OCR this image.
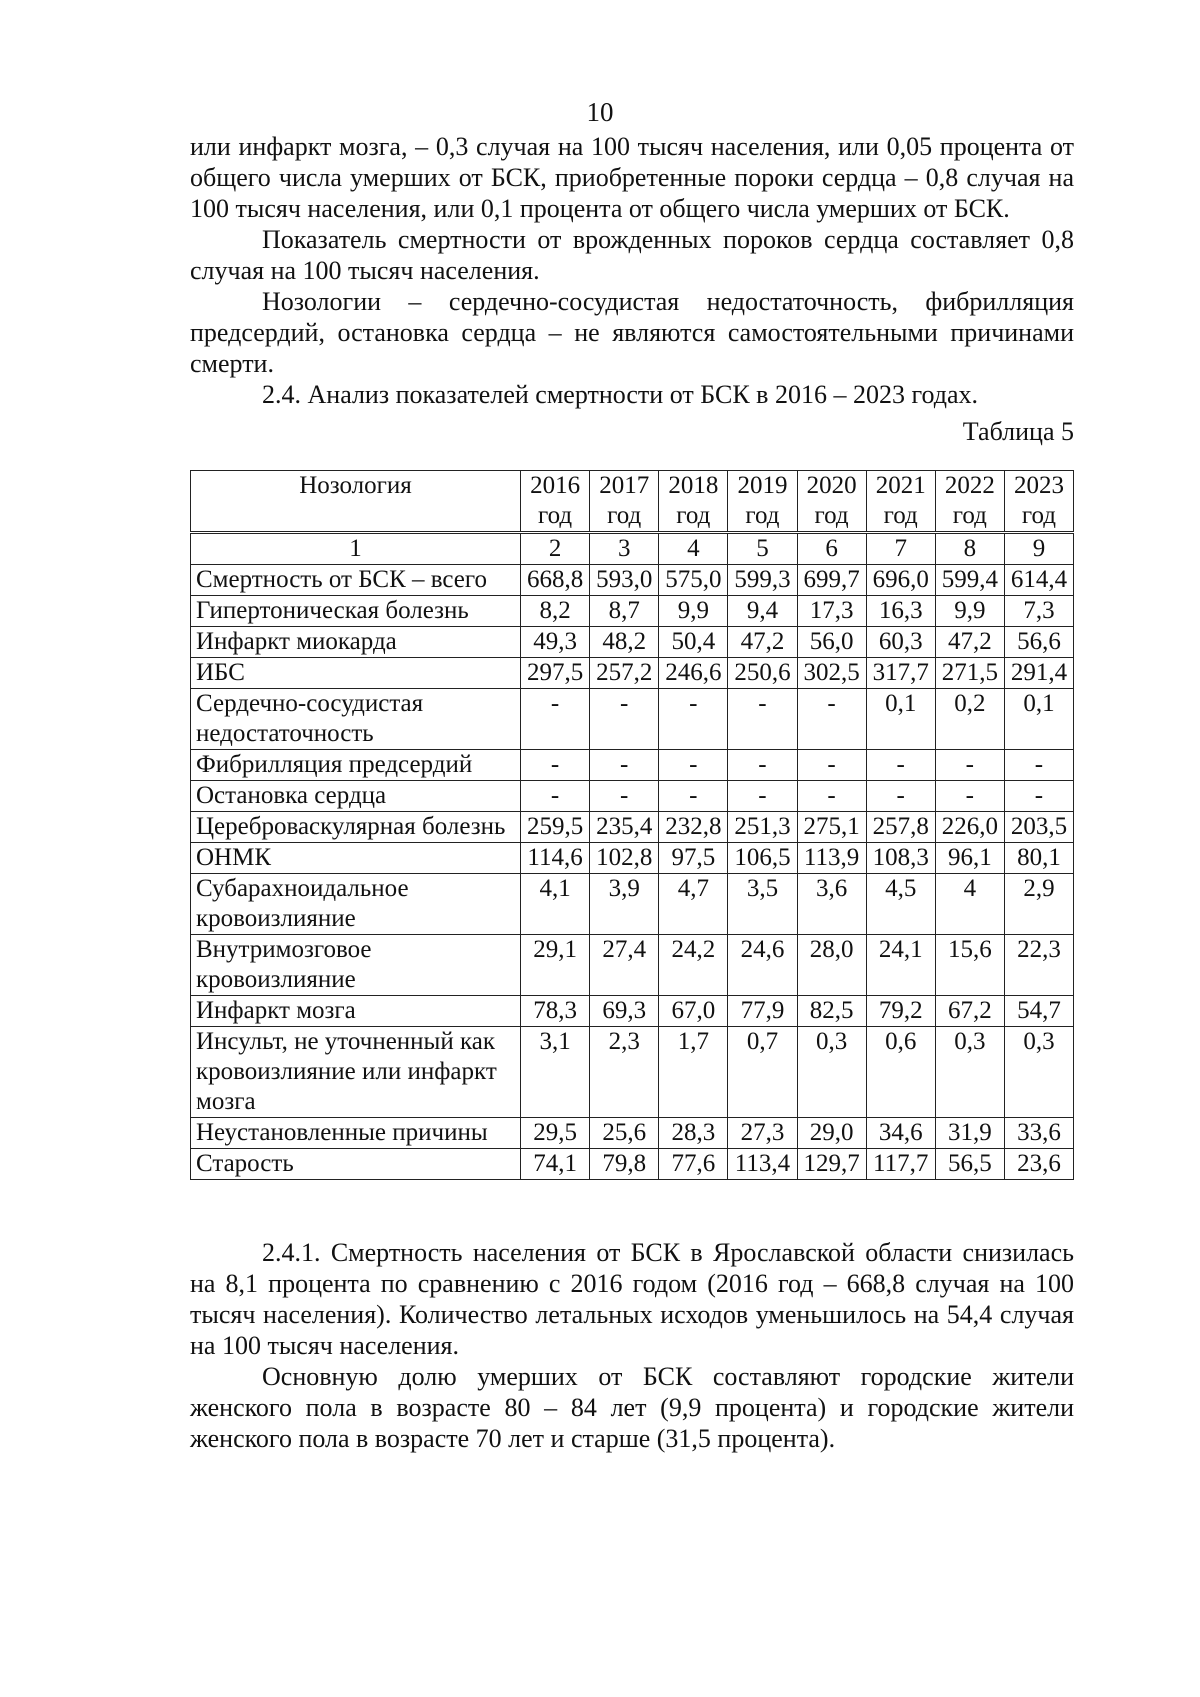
10

или инфаркт мозга, – 0,3 случая на 100 тысяч населения, или 0,05 процента от общего числа умерших от БСК, приобретенные пороки сердца – 0,8 случая на 100 тысяч населения, или 0,1 процента от общего числа умерших от БСК.

Показатель смертности от врожденных пороков сердца составляет 0,8 случая на 100 тысяч населения.

Нозологии – сердечно-сосудистая недостаточность, фибрилляция предсердий, остановка сердца – не являются самостоятельными причинами смерти.

2.4. Анализ показателей смертности от БСК в 2016 – 2023 годах.

Таблица 5
Нозология	2016 год	2017 год	2018 год	2019 год	2020 год	2021 год	2022 год	2023 год
1	2	3	4	5	6	7	8	9
Смертность от БСК – всего	668,8	593,0	575,0	599,3	699,7	696,0	599,4	614,4
Гипертоническая болезнь	8,2	8,7	9,9	9,4	17,3	16,3	9,9	7,3
Инфаркт миокарда	49,3	48,2	50,4	47,2	56,0	60,3	47,2	56,6
ИБС	297,5	257,2	246,6	250,6	302,5	317,7	271,5	291,4
Сердечно-сосудистая недостаточность	-	-	-	-	-	0,1	0,2	0,1
Фибрилляция предсердий	-	-	-	-	-	-	-	-
Остановка сердца	-	-	-	-	-	-	-	-
Цереброваскулярная болезнь	259,5	235,4	232,8	251,3	275,1	257,8	226,0	203,5
ОНМК	114,6	102,8	97,5	106,5	113,9	108,3	96,1	80,1
Субарахноидальное кровоизлияние	4,1	3,9	4,7	3,5	3,6	4,5	4	2,9
Внутримозговое кровоизлияние	29,1	27,4	24,2	24,6	28,0	24,1	15,6	22,3
Инфаркт мозга	78,3	69,3	67,0	77,9	82,5	79,2	67,2	54,7
Инсульт, не уточненный как кровоизлияние или инфаркт мозга	3,1	2,3	1,7	0,7	0,3	0,6	0,3	0,3
Неустановленные причины	29,5	25,6	28,3	27,3	29,0	34,6	31,9	33,6
Старость	74,1	79,8	77,6	113,4	129,7	117,7	56,5	23,6

2.4.1. Смертность населения от БСК в Ярославской области снизилась на 8,1 процента по сравнению с 2016 годом (2016 год – 668,8 случая на 100 тысяч населения). Количество летальных исходов уменьшилось на 54,4 случая на 100 тысяч населения.

Основную долю умерших от БСК составляют городские жители женского пола в возрасте 80 – 84 лет (9,9 процента) и городские жители женского пола в возрасте 70 лет и старше (31,5 процента).
